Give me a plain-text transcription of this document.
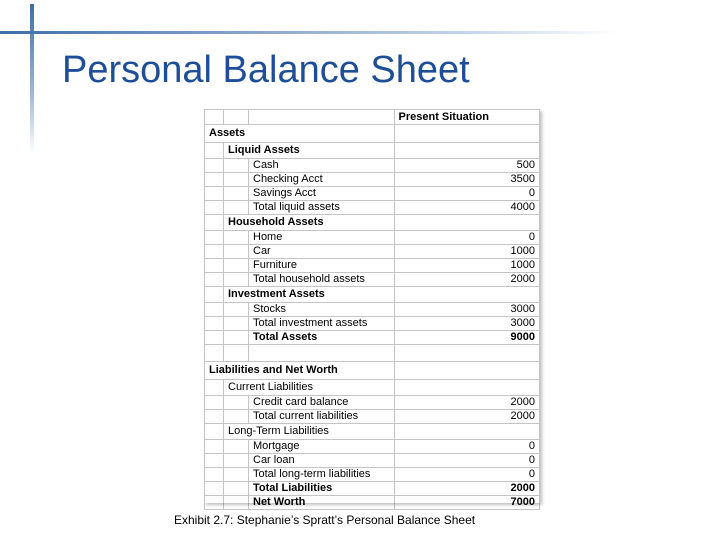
Personal Balance Sheet
			Present Situation
Assets			
	Liquid Assets		
		Cash	500
		Checking Acct	3500
		Savings Acct	0
		Total liquid assets	4000
	Household Assets		
		Home	0
		Car	1000
		Furniture	1000
		Total household assets	2000
	Investment Assets		
		Stocks	3000
		Total investment assets	3000
		Total Assets	9000

Liabilities and Net Worth			
	Current Liabilities		
		Credit card balance	2000
		Total current liabilities	2000
	Long-Term Liabilities		
		Mortgage	0
		Car loan	0
		Total long-term liabilities	0
		Total Liabilities	2000
		Net Worth	7000
Exhibit 2.7: Stephanie’s Spratt’s Personal Balance Sheet
